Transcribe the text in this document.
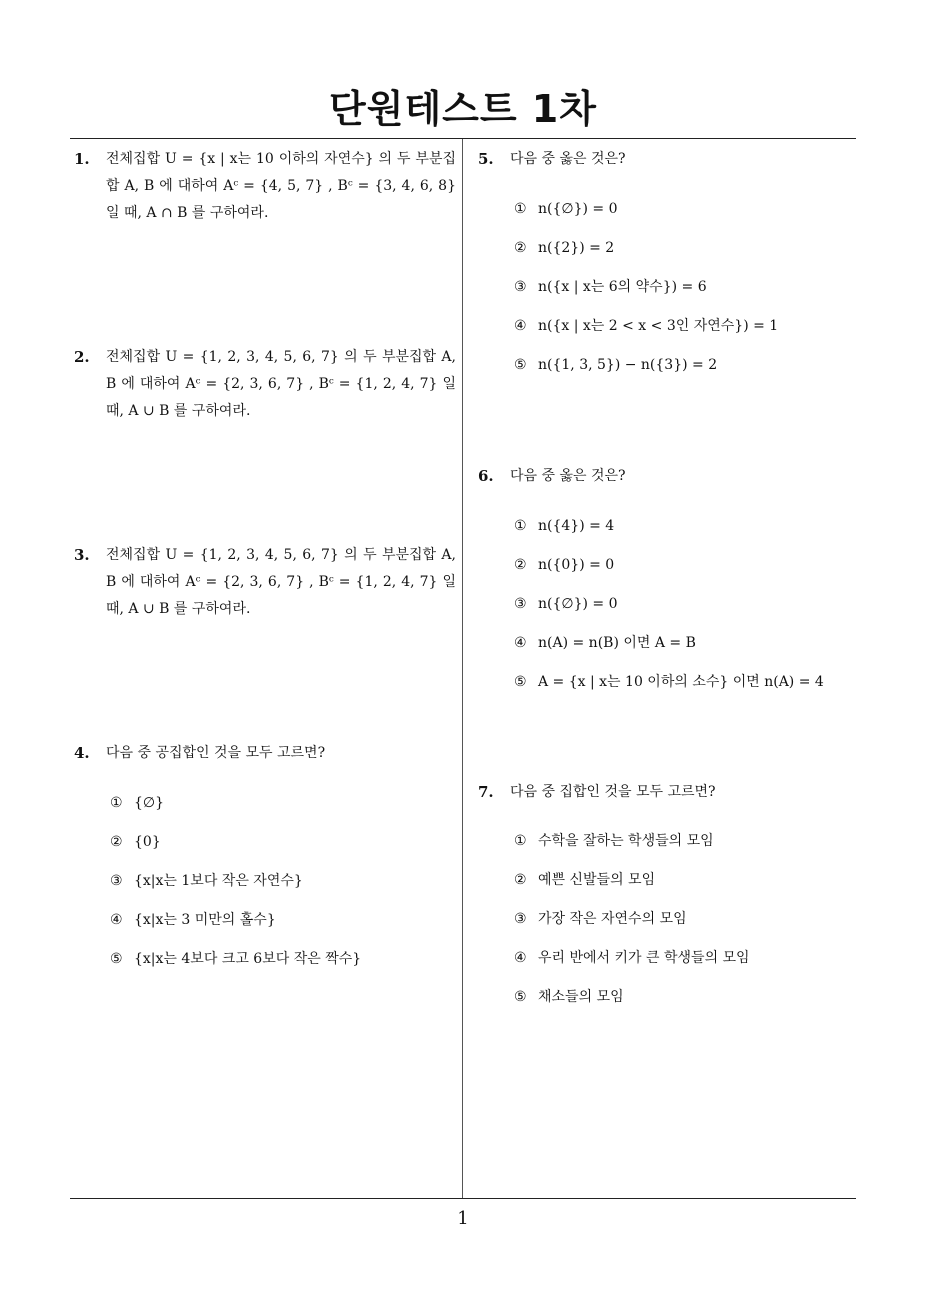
단원테스트 1차
1. 전체집합 U = {x | x는 10 이하의 자연수} 의 두 부분집합 A, B 에 대하여 Aᶜ = {4, 5, 7} , Bᶜ = {3, 4, 6, 8} 일 때, A ∩ B 를 구하여라.
2. 전체집합 U = {1, 2, 3, 4, 5, 6, 7} 의 두 부분집합 A, B 에 대하여 Aᶜ = {2, 3, 6, 7} , Bᶜ = {1, 2, 4, 7} 일 때, A ∪ B 를 구하여라.
3. 전체집합 U = {1, 2, 3, 4, 5, 6, 7} 의 두 부분집합 A, B 에 대하여 Aᶜ = {2, 3, 6, 7} , Bᶜ = {1, 2, 4, 7} 일 때, A ∪ B 를 구하여라.
4. 다음 중 공집합인 것을 모두 고르면?
① {∅}
② {0}
③ {x|x는 1보다 작은 자연수}
④ {x|x는 3 미만의 홀수}
⑤ {x|x는 4보다 크고 6보다 작은 짝수}
5. 다음 중 옳은 것은?
① n({∅}) = 0
② n({2}) = 2
③ n({x | x는 6의 약수}) = 6
④ n({x | x는 2 < x < 3인 자연수}) = 1
⑤ n({1, 3, 5}) − n({3}) = 2
6. 다음 중 옳은 것은?
① n({4}) = 4
② n({0}) = 0
③ n({∅}) = 0
④ n(A) = n(B) 이면 A = B
⑤ A = {x | x는 10 이하의 소수} 이면 n(A) = 4
7. 다음 중 집합인 것을 모두 고르면?
① 수학을 잘하는 학생들의 모임
② 예쁜 신발들의 모임
③ 가장 작은 자연수의 모임
④ 우리 반에서 키가 큰 학생들의 모임
⑤ 채소들의 모임
1
